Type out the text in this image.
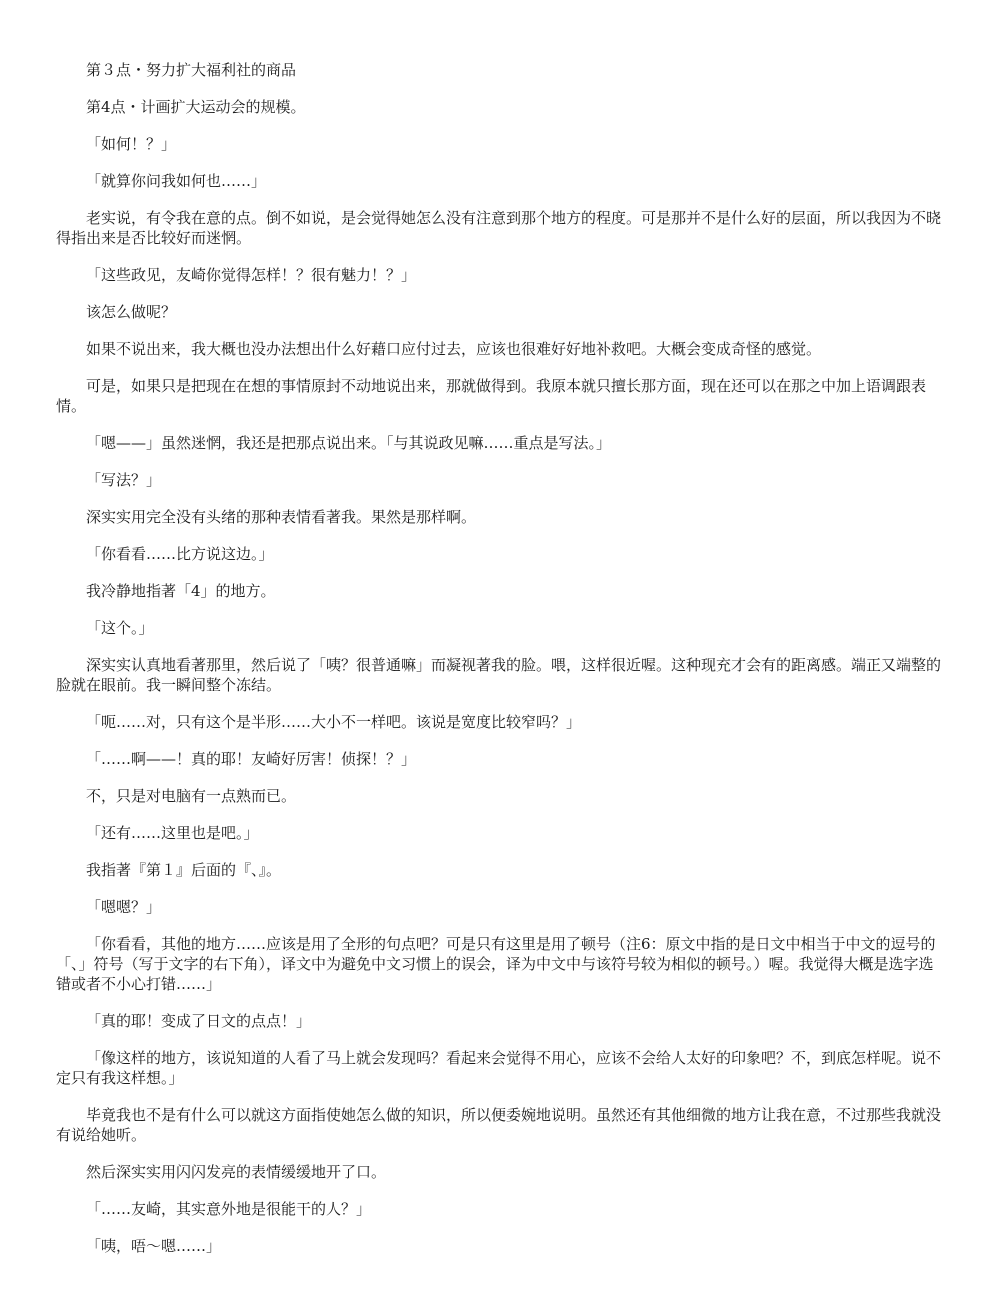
第３点・努力扩大福利社的商品

第4点・计画扩大运动会的规模。

「如何！？」

「就算你问我如何也……」

老实说，有令我在意的点。倒不如说，是会觉得她怎么没有注意到那个地方的程度。可是那并不是什么好的层面，所以我因为不晓得指出来是否比较好而迷惘。

「这些政见，友崎你觉得怎样！？很有魅力！？」

该怎么做呢？

如果不说出来，我大概也没办法想出什么好藉口应付过去，应该也很难好好地补救吧。大概会变成奇怪的感觉。

可是，如果只是把现在在想的事情原封不动地说出来，那就做得到。我原本就只擅长那方面，现在还可以在那之中加上语调跟表情。

「嗯——」虽然迷惘，我还是把那点说出来。「与其说政见嘛……重点是写法。」

「写法？」

深实实用完全没有头绪的那种表情看著我。果然是那样啊。

「你看看……比方说这边。」

我冷静地指著「4」的地方。

「这个。」

深实实认真地看著那里，然后说了「咦？很普通嘛」而凝视著我的脸。喂，这样很近喔。这种现充才会有的距离感。端正又端整的脸就在眼前。我一瞬间整个冻结。

「呃……对，只有这个是半形……大小不一样吧。该说是宽度比较窄吗？」

「……啊——！真的耶！友崎好厉害！侦探！？」

不，只是对电脑有一点熟而已。

「还有……这里也是吧。」

我指著『第１』后面的『、』。

「嗯嗯？」

「你看看，其他的地方……应该是用了全形的句点吧？可是只有这里是用了顿号（注6：原文中指的是日文中相当于中文的逗号的「、」符号（写于文字的右下角），译文中为避免中文习惯上的误会，译为中文中与该符号较为相似的顿号。）喔。我觉得大概是选字选错或者不小心打错……」

「真的耶！变成了日文的点点！」

「像这样的地方，该说知道的人看了马上就会发现吗？看起来会觉得不用心，应该不会给人太好的印象吧？不，到底怎样呢。说不定只有我这样想。」

毕竟我也不是有什么可以就这方面指使她怎么做的知识，所以便委婉地说明。虽然还有其他细微的地方让我在意，不过那些我就没有说给她听。

然后深实实用闪闪发亮的表情缓缓地开了口。

「……友崎，其实意外地是很能干的人？」

「咦，唔～嗯……」
